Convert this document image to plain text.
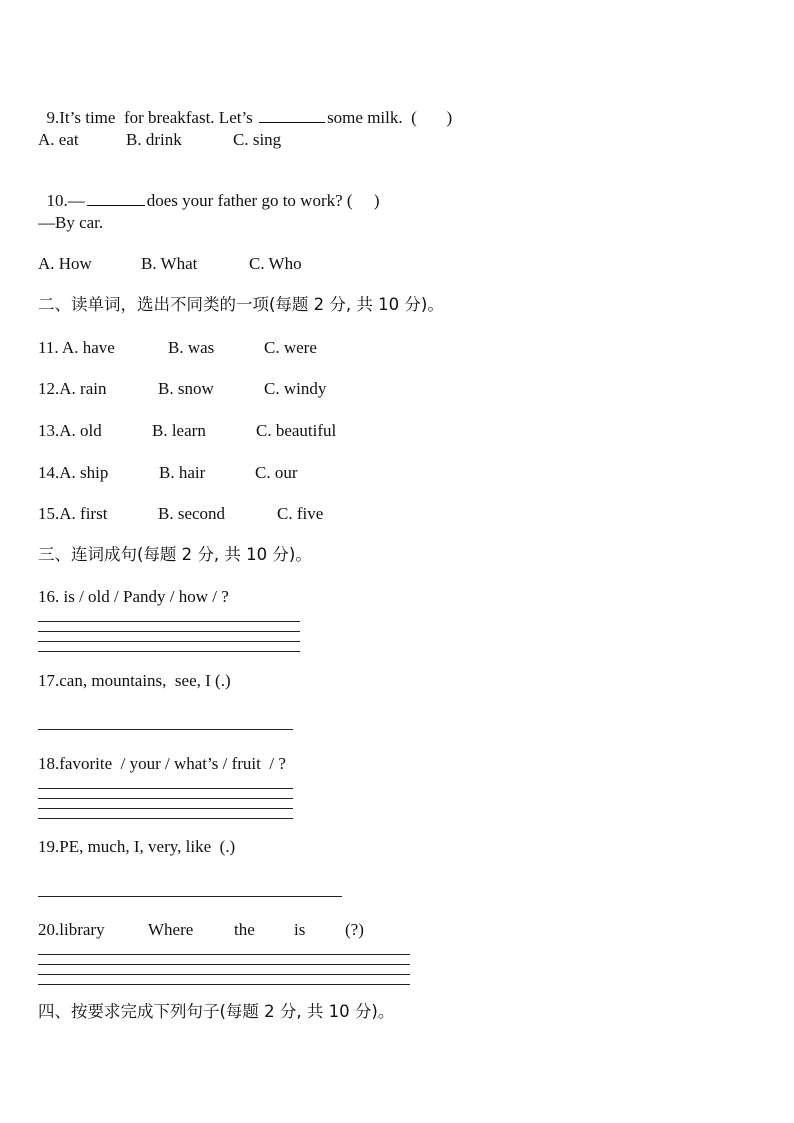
9.It’s time  for breakfast. Let’s	some milk.  (       )

A. eat

	B. drink

	C. sing

10.—	does your father go to work? (     )

—By car.

A. How

	B. What

	C. Who

二、读单词，选出不同类的一项(每题 2 分, 共 10 分)。

11. A. have

	B. was

	C. were

12.A. rain

	B. snow

	C. windy

13.A. old

	B. learn

	C. beautiful

14.A. ship

	B. hair

	C. our

15.A. first

	B. second

	C. five

三、连词成句(每题 2 分, 共 10 分)。
16. is / old / Pandy / how / ?
17.can, mountains,  see, I (.)
18.favorite  / your / what’s / fruit  / ?
19.PE, much, I, very, like  (.)

20.library

	Where

the

is

(?)

四、按要求完成下列句子(每题 2 分, 共 10 分)。
